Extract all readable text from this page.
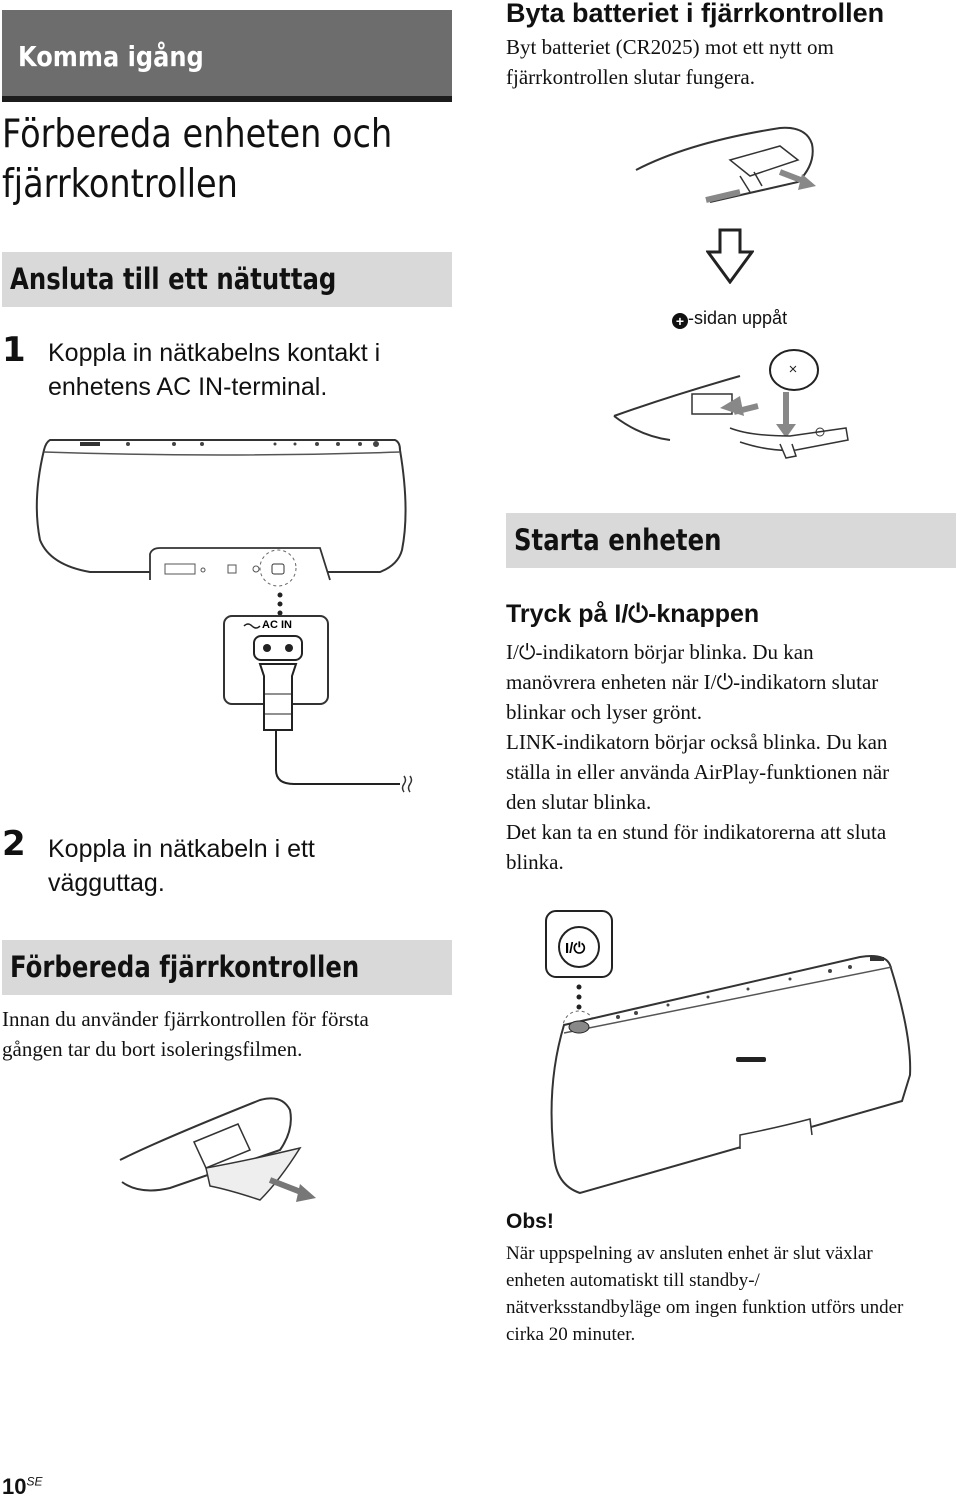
Komma igång
Förbereda enheten och
fjärrkontrollen
Ansluta till ett nätuttag
1 Koppla in nätkabelns kontakt i
enhetens AC IN-terminal.
AC IN
2 Koppla in nätkabeln i ett
vägguttag.
Förbereda fjärrkontrollen
Innan du använder fjärrkontrollen för första
gången tar du bort isoleringsfilmen.
Byta batteriet i fjärrkontrollen
Byt batteriet (CR2025) mot ett nytt om
fjärrkontrollen slutar fungera.
+ -sidan uppåt
Starta enheten
Tryck på I/⏻-knappen
I/⏻-indikatorn börjar blinka. Du kan
manövrera enheten när I/⏻-indikatorn slutar
blinkar och lyser grönt.
LINK-indikatorn börjar också blinka. Du kan
ställa in eller använda AirPlay-funktionen när
den slutar blinka.
Det kan ta en stund för indikatorerna att sluta
blinka.
I/⏻
Obs!
När uppspelning av ansluten enhet är slut växlar
enheten automatiskt till standby-/
nätverksstandbyläge om ingen funktion utförs under
cirka 20 minuter.
$10^{SE}$
